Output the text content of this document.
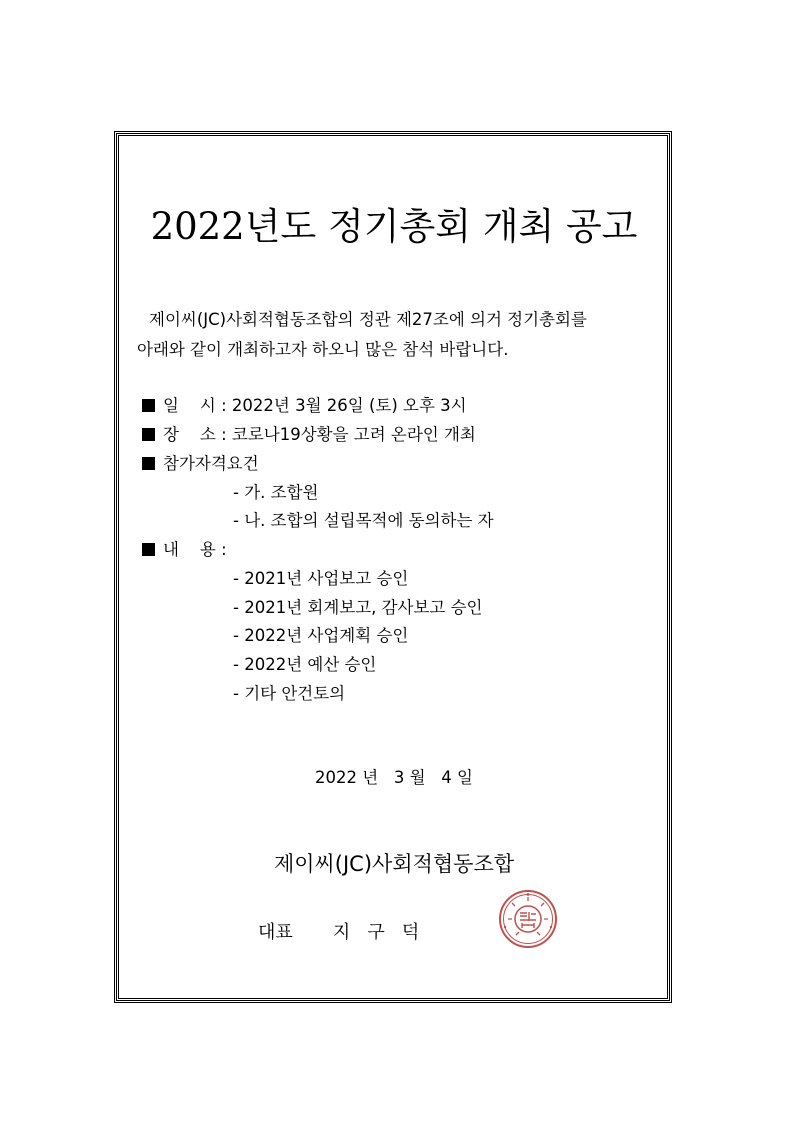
2022년도 정기총회 개최 공고
제이씨(JC)사회적협동조합의 정관 제27조에 의거 정기총회를
아래와 같이 개최하고자 하오니 많은 참석 바랍니다.
일    시 : 2022년 3월 26일 (토) 오후 3시
장    소 : 코로나19상황을 고려 온라인 개최
참가자격요건
- 가. 조합원
- 나. 조합의 설립목적에 동의하는 자
내    용 :
- 2021년 사업보고 승인
- 2021년 회계보고, 감사보고 승인
- 2022년 사업계획 승인
- 2022년 예산 승인
- 기타 안건토의
2022 년   3 월   4 일
제이씨(JC)사회적협동조합
대표       지   구   덕
